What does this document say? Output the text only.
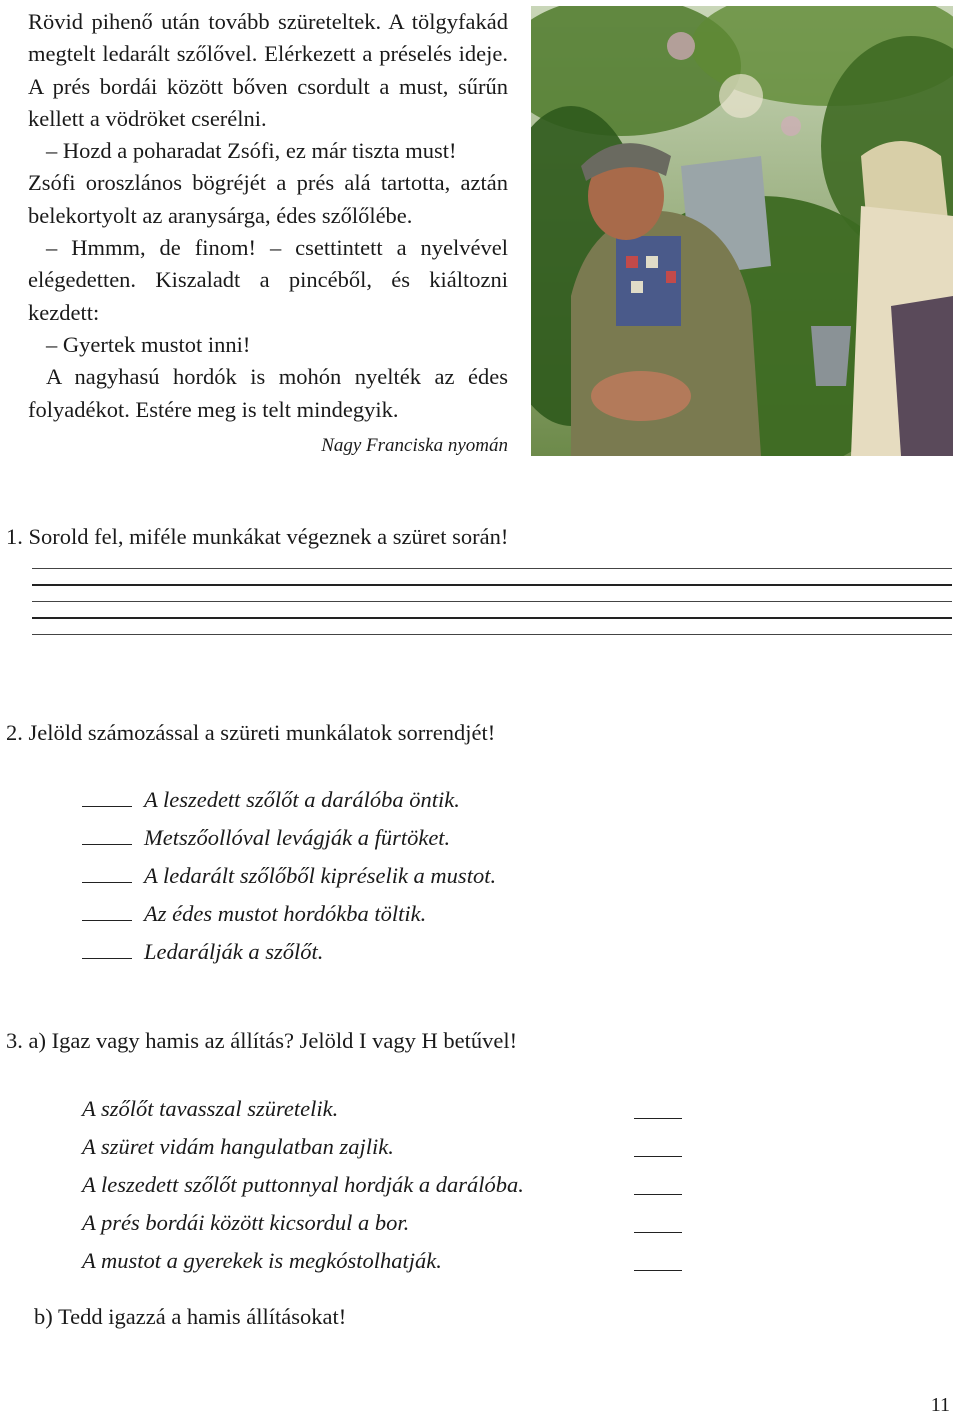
Rövid pihenő után tovább szüreteltek. A tölgyfakád megtelt ledarált szőlővel. Elérkezett a préselés ideje. A prés bordái között bőven csordult a must, sűrűn kellett a vödröket cserélni.

– Hozd a poharadat Zsófi, ez már tiszta must!

Zsófi oroszlános bögréjét a prés alá tartotta, aztán belekortyolt az aranysárga, édes szőlőlébe.

– Hmmm, de finom! – csettintett a nyelvével elégedetten. Kiszaladt a pincéből, és kiáltozni kezdett:

– Gyertek mustot inni!

A nagyhasú hordók is mohón nyelték az édes folyadékot. Estére meg is telt mindegyik.

Nagy Franciska nyomán

1. Sorold fel, miféle munkákat végeznek a szüret során!
2. Jelöld számozással a szüreti munkálatok sorrendjét!
A leszedett szőlőt a darálóba öntik.
Metszőollóval levágják a fürtöket.
A ledarált szőlőből kipréselik a mustot.
Az édes mustot hordókba töltik.
Ledarálják a szőlőt.
3. a) Igaz vagy hamis az állítás? Jelöld I vagy H betűvel!
A szőlőt tavasszal szüretelik.
A szüret vidám hangulatban zajlik.
A leszedett szőlőt puttonnyal hordják a darálóba.
A prés bordái között kicsordul a bor.
A mustot a gyerekek is megkóstolhatják.
b) Tedd igazzá a hamis állításokat!
11
